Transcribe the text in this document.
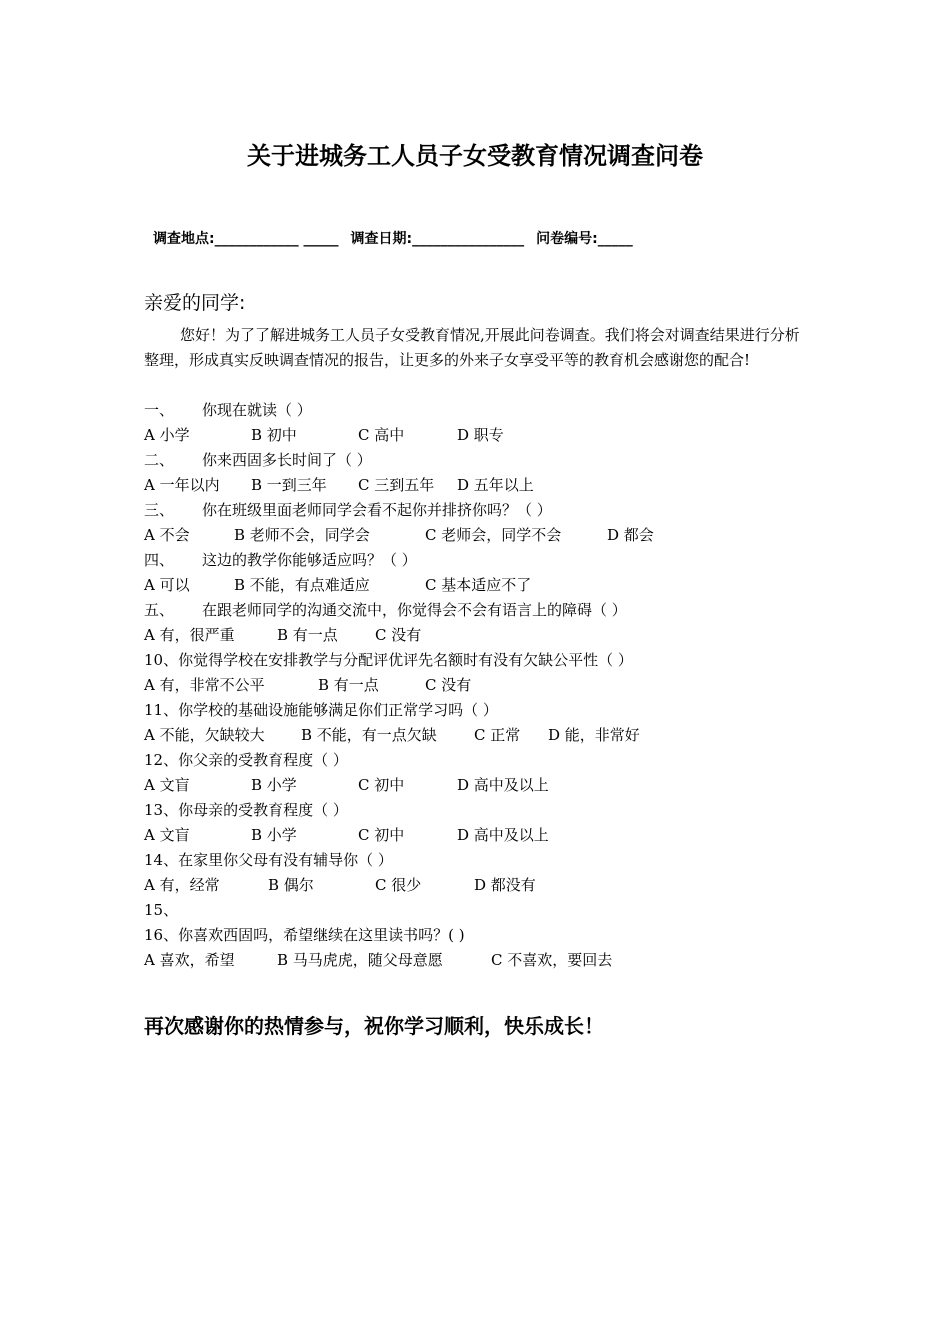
关于进城务工人员子女受教育情况调查问卷
调查地点:____________ _____ 调查日期:________________ 问卷编号:_____
亲爱的同学:
您好！为了了解进城务工人员子女受教育情况,开展此问卷调查。我们将会对调查结果进行分析整理，形成真实反映调查情况的报告，让更多的外来子女享受平等的教育机会感谢您的配合!
一、 你现在就读（ ）
A 小学	B 初中	C 高中	D 职专
二、 你来西固多长时间了（ ）
A 一年以内 B 一到三年 C 三到五年 D 五年以上
三、 你在班级里面老师同学会看不起你并排挤你吗？（ ）
A 不会	B 老师不会，同学会	C 老师会，同学不会	D 都会
四、 这边的教学你能够适应吗？（ ）
A 可以	B 不能，有点难适应	C 基本适应不了
五、 在跟老师同学的沟通交流中，你觉得会不会有语言上的障碍（ ）
A 有，很严重	B 有一点 C 没有
10、你觉得学校在安排教学与分配评优评先名额时有没有欠缺公平性（ ）
A 有，非常不公平	B 有一点	C 没有
11、你学校的基础设施能够满足你们正常学习吗（ ）
A 不能，欠缺较大 B 不能，有一点欠缺 C 正常 D 能，非常好
12、你父亲的受教育程度（ ）
A 文盲	B 小学	C 初中	D 高中及以上
13、你母亲的受教育程度（ ）
A 文盲	B 小学	C 初中	D 高中及以上
14、在家里你父母有没有辅导你（ ）
A 有，经常	B 偶尔	C 很少	D 都没有
15、
16、你喜欢西固吗，希望继续在这里读书吗？( )
A 喜欢，希望	B 马马虎虎，随父母意愿	C 不喜欢，要回去
再次感谢你的热情参与，祝你学习顺利，快乐成长！
